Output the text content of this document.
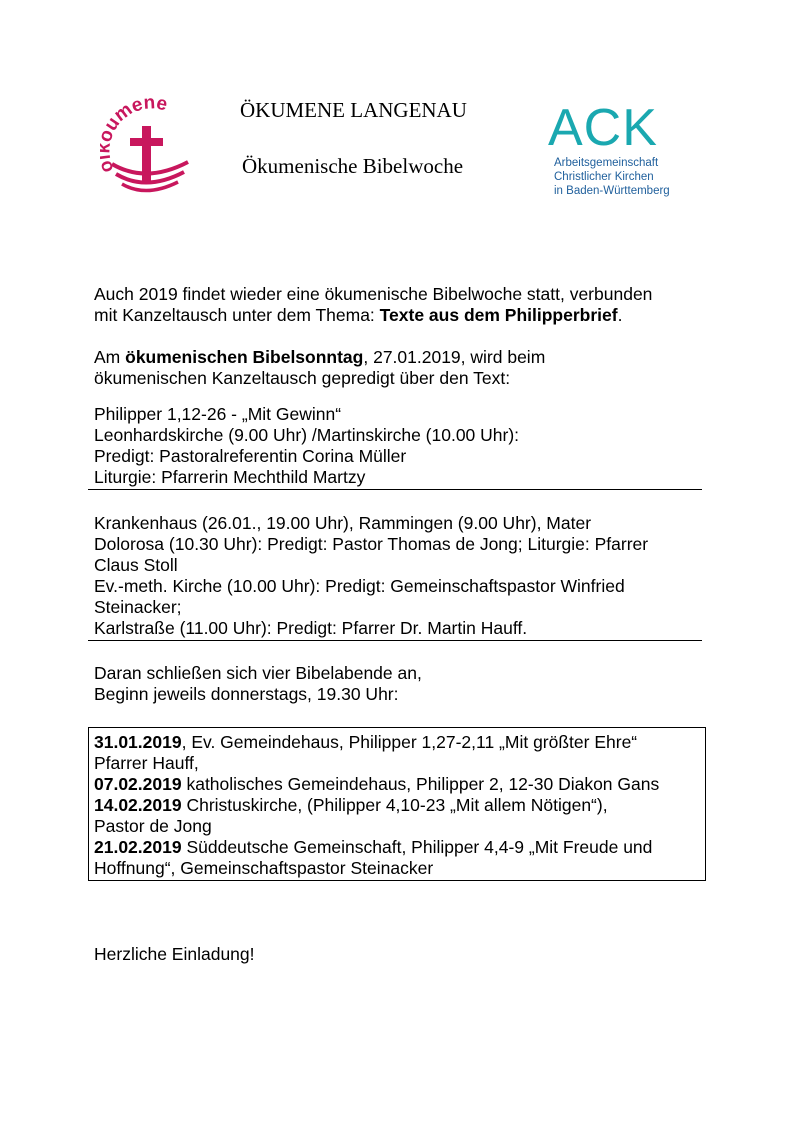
umene	ÖKUMENE LANGENAU
Ökumenische Bibelwoche
ACK
Arbeitsgemeinschaft
Christlicher Kirchen
in Baden-Württemberg
Auch 2019 findet wieder eine ökumenische Bibelwoche statt, verbunden
mit Kanzeltausch unter dem Thema: Texte aus dem Philipperbrief.
Am ökumenischen Bibelsonntag, 27.01.2019, wird beim
ökumenischen Kanzeltausch gepredigt über den Text:
Philipper 1,12-26 - „Mit Gewinn“
Leonhardskirche (9.00 Uhr) /Martinskirche (10.00 Uhr):
Predigt: Pastoralreferentin Corina Müller
Liturgie: Pfarrerin Mechthild Martzy
Krankenhaus (26.01., 19.00 Uhr), Rammingen (9.00 Uhr), Mater
Dolorosa (10.30 Uhr): Predigt: Pastor Thomas de Jong; Liturgie: Pfarrer
Claus Stoll
Ev.-meth. Kirche (10.00 Uhr): Predigt: Gemeinschaftspastor Winfried
Steinacker;
Karlstraße (11.00 Uhr): Predigt: Pfarrer Dr. Martin Hauff.
Daran schließen sich vier Bibelabende an,
Beginn jeweils donnerstags, 19.30 Uhr:
31.01.2019, Ev. Gemeindehaus, Philipper 1,27-2,11 „Mit größter Ehre“
Pfarrer Hauff,
07.02.2019 katholisches Gemeindehaus, Philipper 2, 12-30 Diakon Gans
14.02.2019 Christuskirche, (Philipper 4,10-23 „Mit allem Nötigen“),
Pastor de Jong
21.02.2019 Süddeutsche Gemeinschaft, Philipper 4,4-9 „Mit Freude und
Hoffnung“, Gemeinschaftspastor Steinacker
Herzliche Einladung!
